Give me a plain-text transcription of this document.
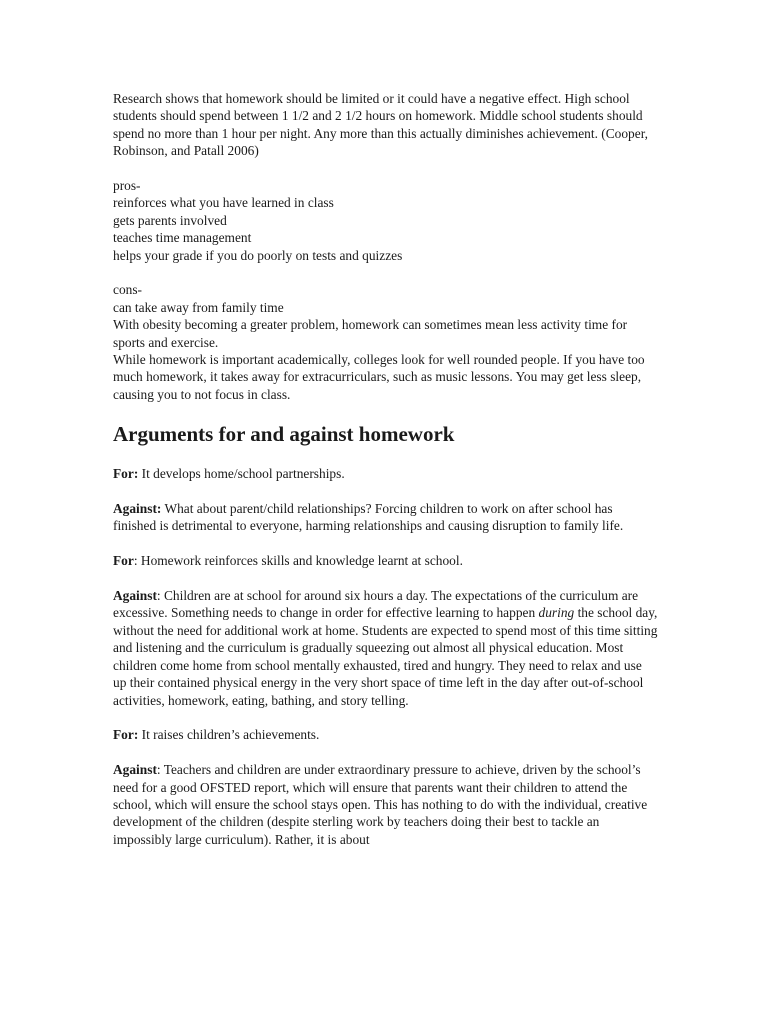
Research shows that homework should be limited or it could have a negative effect. High school students should spend between 1 1/2 and 2 1/2 hours on homework. Middle school students should spend no more than 1 hour per night. Any more than this actually diminishes achievement. (Cooper, Robinson, and Patall 2006)

pros-

reinforces what you have learned in class

gets parents involved

teaches time management

helps your grade if you do poorly on tests and quizzes

cons-

can take away from family time

With obesity becoming a greater problem, homework can sometimes mean less activity time for sports and exercise.

While homework is important academically, colleges look for well rounded people. If you have too much homework, it takes away for extracurriculars, such as music lessons. You may get less sleep, causing you to not focus in class.

Arguments for and against homework

For: It develops home/school partnerships.

Against: What about parent/child relationships? Forcing children to work on after school has finished is detrimental to everyone, harming relationships and causing disruption to family life.

For: Homework reinforces skills and knowledge learnt at school.

Against: Children are at school for around six hours a day. The expectations of the curriculum are excessive. Something needs to change in order for effective learning to happen during the school day, without the need for additional work at home. Students are expected to spend most of this time sitting and listening and the curriculum is gradually squeezing out almost all physical education. Most children come home from school mentally exhausted, tired and hungry. They need to relax and use up their contained physical energy in the very short space of time left in the day after out-of-school activities, homework, eating, bathing, and story telling.

For: It raises children’s achievements.

Against: Teachers and children are under extraordinary pressure to achieve, driven by the school’s need for a good OFSTED report, which will ensure that parents want their children to attend the school, which will ensure the school stays open. This has nothing to do with the individual, creative development of the children (despite sterling work by teachers doing their best to tackle an impossibly large curriculum). Rather, it is about
